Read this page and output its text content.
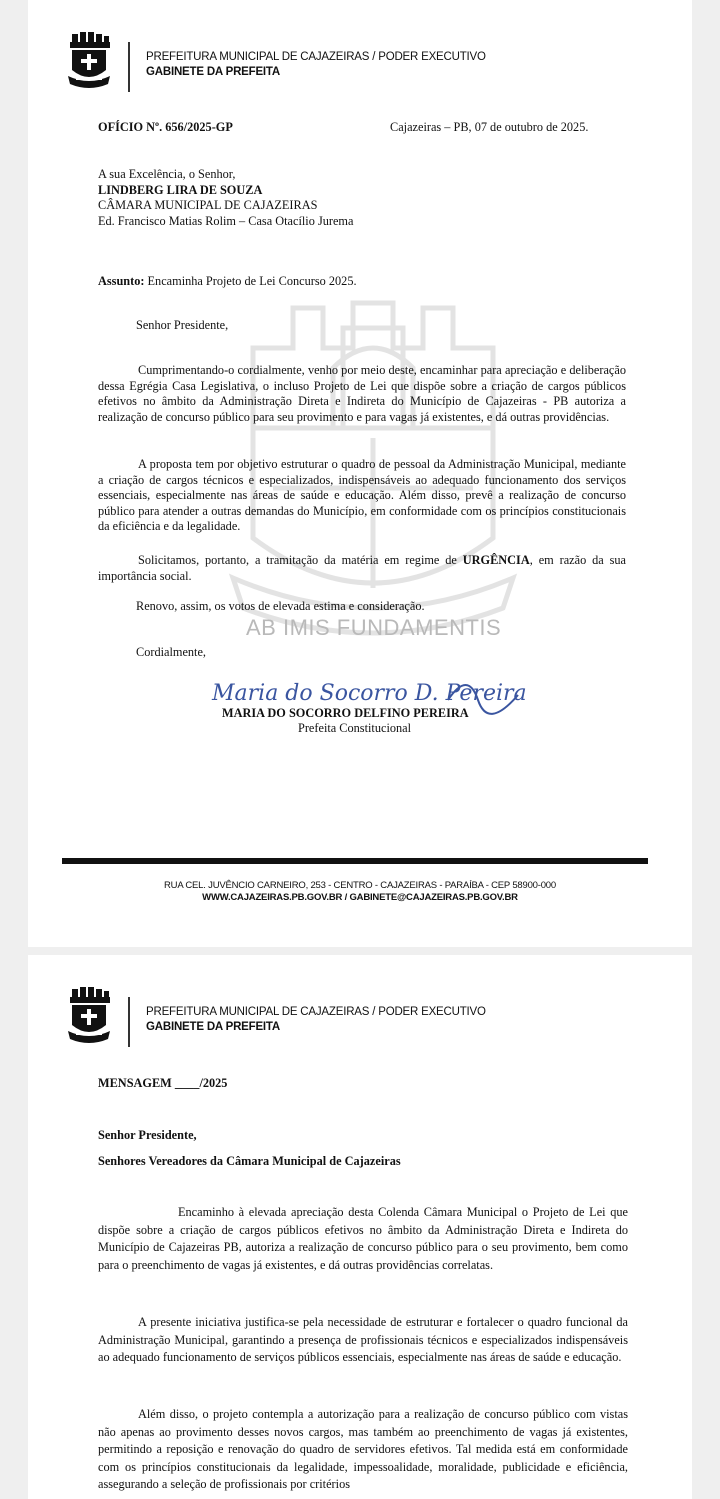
AB IMIS FUNDAMENTIS
PREFEITURA MUNICIPAL DE CAJAZEIRAS / PODER EXECUTIVO
GABINETE DA PREFEITA
OFÍCIO Nº. 656/2025-GP	Cajazeiras – PB, 07 de outubro de 2025.
A sua Excelência, o Senhor,
LINDBERG LIRA DE SOUZA
CÂMARA MUNICIPAL DE CAJAZEIRAS
Ed. Francisco Matias Rolim – Casa Otacílio Jurema
Assunto: Encaminha Projeto de Lei Concurso 2025.
Senhor Presidente,
Cumprimentando-o cordialmente, venho por meio deste, encaminhar para apreciação e deliberação dessa Egrégia Casa Legislativa, o incluso Projeto de Lei que dispõe sobre a criação de cargos públicos efetivos no âmbito da Administração Direta e Indireta do Município de Cajazeiras - PB autoriza a realização de concurso público para seu provimento e para vagas já existentes, e dá outras providências.
A proposta tem por objetivo estruturar o quadro de pessoal da Administração Municipal, mediante a criação de cargos técnicos e especializados, indispensáveis ao adequado funcionamento dos serviços essenciais, especialmente nas áreas de saúde e educação. Além disso, prevê a realização de concurso público para atender a outras demandas do Município, em conformidade com os princípios constitucionais da eficiência e da legalidade.
Solicitamos, portanto, a tramitação da matéria em regime de URGÊNCIA, em razão da sua importância social.
Renovo, assim, os votos de elevada estima e consideração.
Cordialmente,
Maria do Socorro D. Pereira
MARIA DO SOCORRO DELFINO PEREIRA
Prefeita Constitucional
RUA CEL. JUVÊNCIO CARNEIRO, 253 - CENTRO - CAJAZEIRAS - PARAÍBA - CEP 58900-000
WWW.CAJAZEIRAS.PB.GOV.BR / GABINETE@CAJAZEIRAS.PB.GOV.BR
PREFEITURA MUNICIPAL DE CAJAZEIRAS / PODER EXECUTIVO
GABINETE DA PREFEITA
MENSAGEM ____/2025
Senhor Presidente,
Senhores Vereadores da Câmara Municipal de Cajazeiras
Encaminho à elevada apreciação desta Colenda Câmara Municipal o Projeto de Lei que dispõe sobre a criação de cargos públicos efetivos no âmbito da Administração Direta e Indireta do Município de Cajazeiras PB, autoriza a realização de concurso público para o seu provimento, bem como para o preenchimento de vagas já existentes, e dá outras providências correlatas.
A presente iniciativa justifica-se pela necessidade de estruturar e fortalecer o quadro funcional da Administração Municipal, garantindo a presença de profissionais técnicos e especializados indispensáveis ao adequado funcionamento de serviços públicos essenciais, especialmente nas áreas de saúde e educação.
Além disso, o projeto contempla a autorização para a realização de concurso público com vistas não apenas ao provimento desses novos cargos, mas também ao preenchimento de vagas já existentes, permitindo a reposição e renovação do quadro de servidores efetivos. Tal medida está em conformidade com os princípios constitucionais da legalidade, impessoalidade, moralidade, publicidade e eficiência, assegurando a seleção de profissionais por critérios
